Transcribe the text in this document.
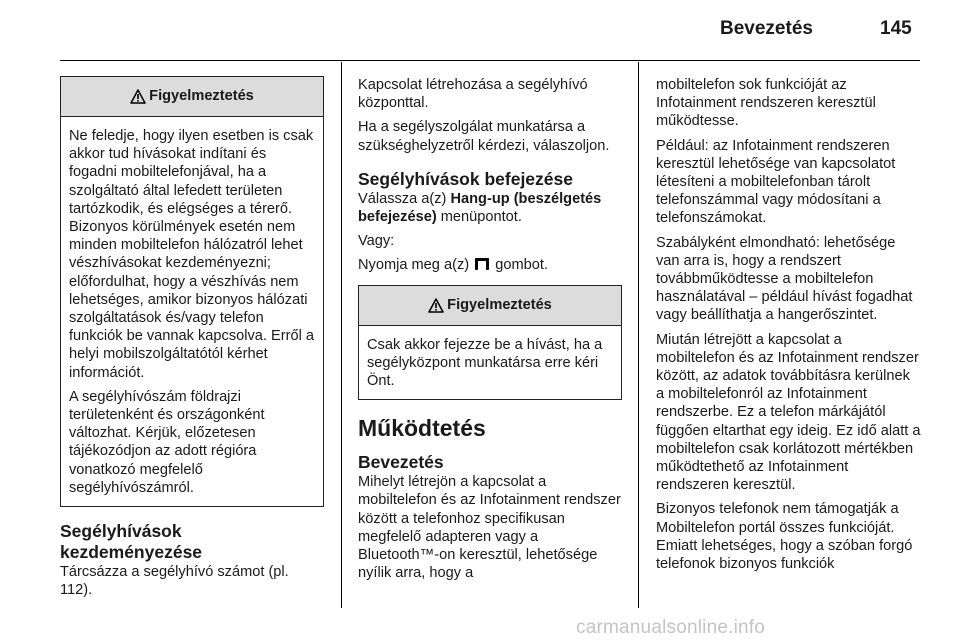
Bevezetés	145
Figyelmeztetés

Ne feledje, hogy ilyen esetben is csak akkor tud hívásokat indítani és fogadni mobiltelefonjával, ha a szolgáltató által lefedett területen tartózkodik, és elégséges a térerő. Bizonyos körülmények esetén nem minden mobiltelefon hálózatról lehet vészhívásokat kezdeményezni; előfordulhat, hogy a vészhívás nem lehetséges, amikor bizonyos hálózati szolgáltatások és/vagy telefon funkciók be vannak kapcsolva. Erről a helyi mobilszolgáltatótól kérhet információt.

A segélyhívószám földrajzi területenként és országonként változhat. Kérjük, előzetesen tájékozódjon az adott régióra vonatkozó megfelelő segélyhívószámról.

Segélyhívások kezdeményezése

Tárcsázza a segélyhívó számot (pl. 112).

Kapcsolat létrehozása a segélyhívó központtal.

Ha a segélyszolgálat munkatársa a szükséghelyzetről kérdezi, válaszoljon.

Segélyhívások befejezése

Válassza a(z) Hang-up (beszélgetés befejezése) menüpontot.

Vagy:

Nyomja meg a(z)  gombot.

Figyelmeztetés

Csak akkor fejezze be a hívást, ha a segélyközpont munkatársa erre kéri Önt.

Működtetés
Bevezetés

Mihelyt létrejön a kapcsolat a mobiltelefon és az Infotainment rendszer között a telefonhoz specifikusan megfelelő adapteren vagy a Bluetooth™-on keresztül, lehetősége nyílik arra, hogy a

mobiltelefon sok funkcióját az Infotainment rendszeren keresztül működtesse.

Például: az Infotainment rendszeren keresztül lehetősége van kapcsolatot létesíteni a mobiltelefonban tárolt telefonszámmal vagy módosítani a telefonszámokat.

Szabályként elmondható: lehetősége van arra is, hogy a rendszert továbbműködtesse a mobiltelefon használatával – például hívást fogadhat vagy beállíthatja a hangerőszintet.

Miután létrejött a kapcsolat a mobiltelefon és az Infotainment rendszer között, az adatok továbbításra kerülnek a mobiltelefonról az Infotainment rendszerbe. Ez a telefon márkájától függően eltarthat egy ideig. Ez idő alatt a mobiltelefon csak korlátozott mértékben működtethető az Infotainment rendszeren keresztül.

Bizonyos telefonok nem támogatják a Mobiltelefon portál összes funkcióját. Emiatt lehetséges, hogy a szóban forgó telefonok bizonyos funkciók

carmanualsonline.info
